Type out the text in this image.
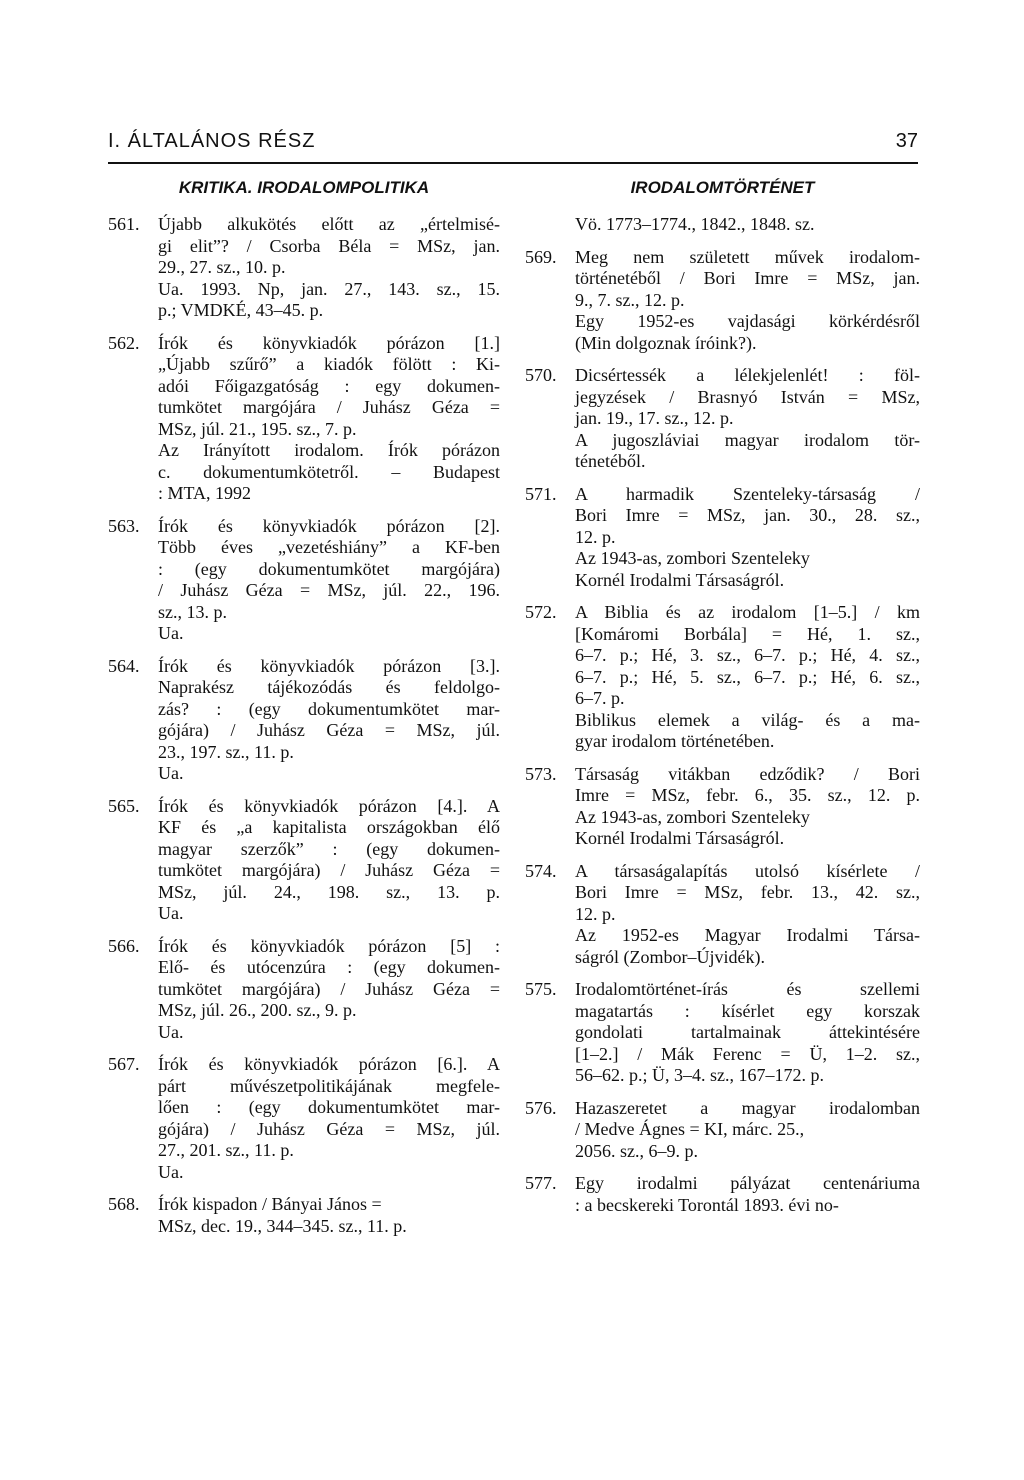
I. ÁLTALÁNOS RÉSZ	37
KRITIKA. IRODALOMPOLITIKA
561. Újabb alkukötés előtt az „értelmisé-
gi elit”? / Csorba Béla = MSz, jan.
29., 27. sz., 10. p.
Ua. 1993. Np, jan. 27., 143. sz., 15.
p.; VMDKÉ, 43–45. p.
562. Írók és könyvkiadók pórázon [1.]
„Újabb szűrő” a kiadók fölött : Ki-
adói Főigazgatóság : egy dokumen-
tumkötet margójára / Juhász Géza =
MSz, júl. 21., 195. sz., 7. p.
Az Irányított irodalom. Írók pórázon
c. dokumentumkötetről. – Budapest
: MTA, 1992
563. Írók és könyvkiadók pórázon [2].
Több éves „vezetéshiány” a KF-ben
: (egy dokumentumkötet margójára)
/ Juhász Géza = MSz, júl. 22., 196.
sz., 13. p.
Ua.
564. Írók és könyvkiadók pórázon [3.].
Naprakész tájékozódás és feldolgo-
zás? : (egy dokumentumkötet mar-
gójára) / Juhász Géza = MSz, júl.
23., 197. sz., 11. p.
Ua.
565. Írók és könyvkiadók pórázon [4.]. A
KF és „a kapitalista országokban élő
magyar szerzők” : (egy dokumen-
tumkötet margójára) / Juhász Géza =
MSz, júl. 24., 198. sz., 13. p.
Ua.
566. Írók és könyvkiadók pórázon [5] :
Elő- és utócenzúra : (egy dokumen-
tumkötet margójára) / Juhász Géza =
MSz, júl. 26., 200. sz., 9. p.
Ua.
567. Írók és könyvkiadók pórázon [6.]. A
párt művészetpolitikájának megfele-
lően : (egy dokumentumkötet mar-
gójára) / Juhász Géza = MSz, júl.
27., 201. sz., 11. p.
Ua.
568. Írók kispadon / Bányai János =
MSz, dec. 19., 344–345. sz., 11. p.
IRODALOMTÖRTÉNET
Vö. 1773–1774., 1842., 1848. sz.
569. Meg nem született művek irodalom-
történetéből / Bori Imre = MSz, jan.
9., 7. sz., 12. p.
Egy 1952-es vajdasági körkérdésről
(Min dolgoznak íróink?).
570. Dicsértessék a lélekjelenlét! : föl-
jegyzések / Brasnyó István = MSz,
jan. 19., 17. sz., 12. p.
A jugoszláviai magyar irodalom tör-
ténetéből.
571. A harmadik Szenteleky-társaság /
Bori Imre = MSz, jan. 30., 28. sz.,
12. p.
Az 1943-as, zombori Szenteleky
Kornél Irodalmi Társaságról.
572. A Biblia és az irodalom [1–5.] / km
[Komáromi Borbála] = Hé, 1. sz.,
6–7. p.; Hé, 3. sz., 6–7. p.; Hé, 4. sz.,
6–7. p.; Hé, 5. sz., 6–7. p.; Hé, 6. sz.,
6–7. p.
Biblikus elemek a világ- és a ma-
gyar irodalom történetében.
573. Társaság vitákban edződik? / Bori
Imre = MSz, febr. 6., 35. sz., 12. p.
Az 1943-as, zombori Szenteleky
Kornél Irodalmi Társaságról.
574. A társaságalapítás utolsó kísérlete /
Bori Imre = MSz, febr. 13., 42. sz.,
12. p.
Az 1952-es Magyar Irodalmi Társa-
ságról (Zombor–Újvidék).
575. Irodalomtörténet-írás és szellemi
magatartás : kísérlet egy korszak
gondolati tartalmainak áttekintésére
[1–2.] / Mák Ferenc = Ü, 1–2. sz.,
56–62. p.; Ü, 3–4. sz., 167–172. p.
576. Hazaszeretet a magyar irodalomban
/ Medve Ágnes = KI, márc. 25.,
2056. sz., 6–9. p.
577. Egy irodalmi pályázat centenáriuma
: a becskereki Torontál 1893. évi no-
